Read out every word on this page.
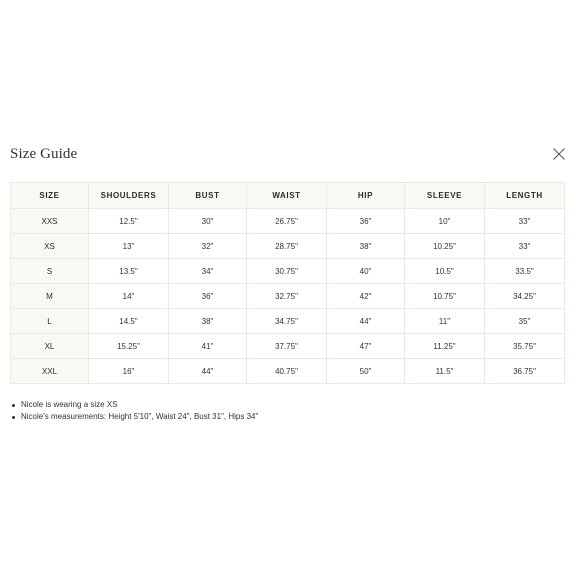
Size Guide
SIZE	SHOULDERS	BUST	WAIST	HIP	SLEEVE	LENGTH
XXS	12.5"	30"	26.75"	36"	10"	33"
XS	13"	32"	28.75"	38"	10.25"	33"
S	13.5"	34"	30.75"	40"	10.5"	33.5"
M	14"	36"	32.75"	42"	10.75"	34.25"
L	14.5"	38"	34.75"	44"	11"	35"
XL	15.25"	41"	37.75"	47"	11.25"	35.75"
XXL	16"	44"	40.75"	50"	11.5"	36.75"
Nicole is wearing a size XS
Nicole's measurements: Height 5'10", Waist 24", Bust 31", Hips 34"
